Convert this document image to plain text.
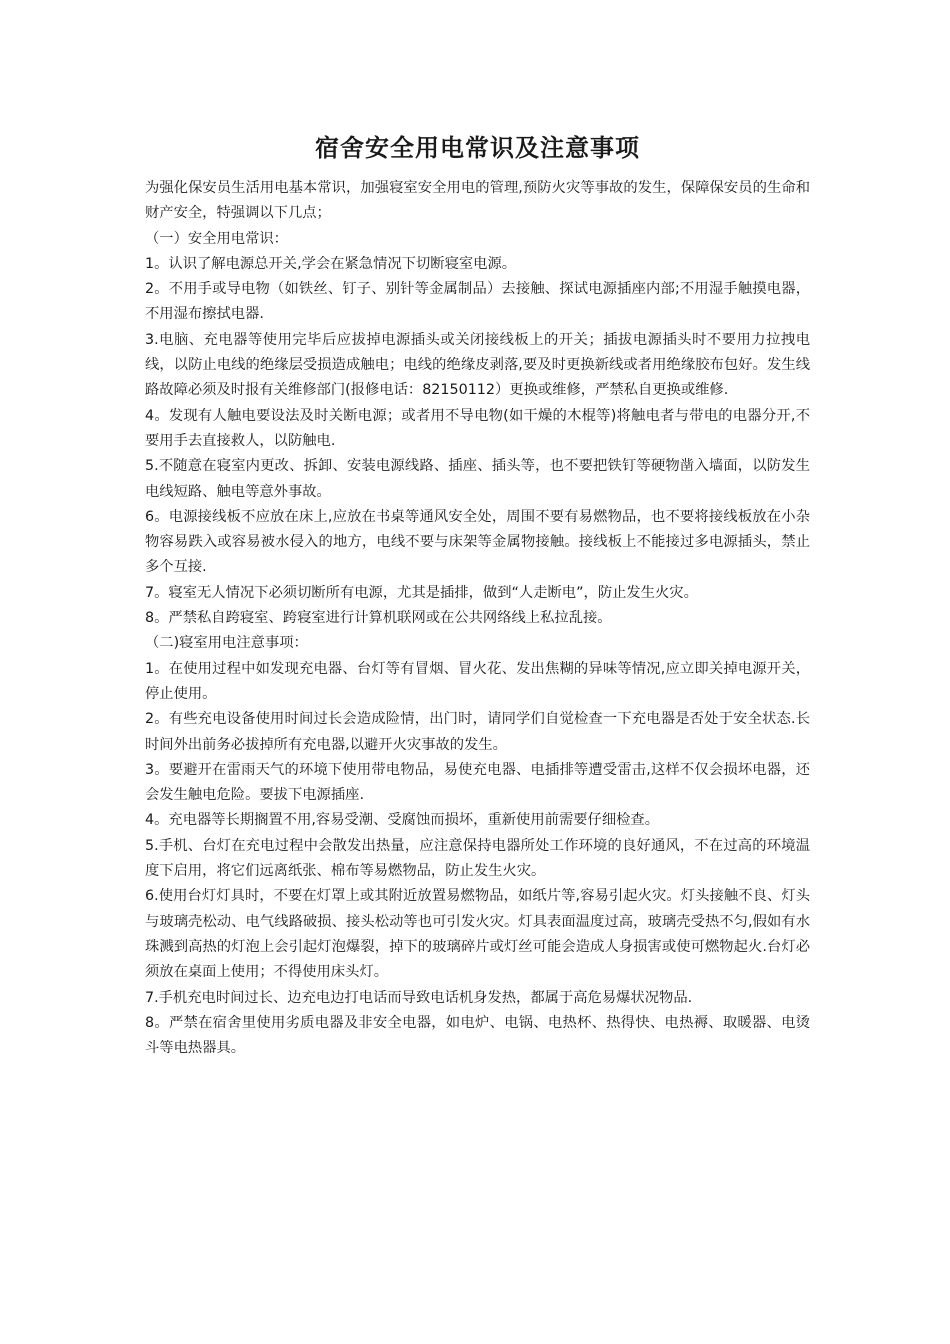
宿舍安全用电常识及注意事项

为强化保安员生活用电基本常识，加强寝室安全用电的管理,预防火灾等事故的发生，保障保安员的生命和财产安全，特强调以下几点；

（一）安全用电常识：

1。认识了解电源总开关,学会在紧急情况下切断寝室电源。

2。不用手或导电物（如铁丝、钉子、别针等金属制品）去接触、探试电源插座内部;不用湿手触摸电器，不用湿布擦拭电器.

3.电脑、充电器等使用完毕后应拔掉电源插头或关闭接线板上的开关；插拔电源插头时不要用力拉拽电线，以防止电线的绝缘层受损造成触电；电线的绝缘皮剥落,要及时更换新线或者用绝缘胶布包好。发生线路故障必须及时报有关维修部门(报修电话：82150112）更换或维修，严禁私自更换或维修.

4。发现有人触电要设法及时关断电源；或者用不导电物(如干燥的木棍等)将触电者与带电的电器分开,不要用手去直接救人，以防触电.

5.不随意在寝室内更改、拆卸、安装电源线路、插座、插头等，也不要把铁钉等硬物凿入墙面，以防发生电线短路、触电等意外事故。

6。电源接线板不应放在床上,应放在书桌等通风安全处，周围不要有易燃物品，也不要将接线板放在小杂物容易跌入或容易被水侵入的地方，电线不要与床架等金属物接触。接线板上不能接过多电源插头，禁止多个互接.

7。寝室无人情况下必须切断所有电源，尤其是插排，做到“人走断电”，防止发生火灾。

8。严禁私自跨寝室、跨寝室进行计算机联网或在公共网络线上私拉乱接。

（二)寝室用电注意事项：

1。在使用过程中如发现充电器、台灯等有冒烟、冒火花、发出焦糊的异味等情况,应立即关掉电源开关，停止使用。

2。有些充电设备使用时间过长会造成险情，出门时，请同学们自觉检查一下充电器是否处于安全状态.长时间外出前务必拔掉所有充电器,以避开火灾事故的发生。

3。要避开在雷雨天气的环境下使用带电物品，易使充电器、电插排等遭受雷击,这样不仅会损坏电器，还会发生触电危险。要拔下电源插座.

4。充电器等长期搁置不用,容易受潮、受腐蚀而损坏，重新使用前需要仔细检查。

5.手机、台灯在充电过程中会散发出热量，应注意保持电器所处工作环境的良好通风，不在过高的环境温度下启用，将它们远离纸张、棉布等易燃物品，防止发生火灾。

6.使用台灯灯具时，不要在灯罩上或其附近放置易燃物品，如纸片等,容易引起火灾。灯头接触不良、灯头与玻璃壳松动、电气线路破损、接头松动等也可引发火灾。灯具表面温度过高，玻璃壳受热不匀,假如有水珠溅到高热的灯泡上会引起灯泡爆裂，掉下的玻璃碎片或灯丝可能会造成人身损害或使可燃物起火.台灯必须放在桌面上使用；不得使用床头灯。

7.手机充电时间过长、边充电边打电话而导致电话机身发热，都属于高危易爆状况物品.

8。严禁在宿舍里使用劣质电器及非安全电器，如电炉、电锅、电热杯、热得快、电热褥、取暖器、电烫斗等电热器具。
